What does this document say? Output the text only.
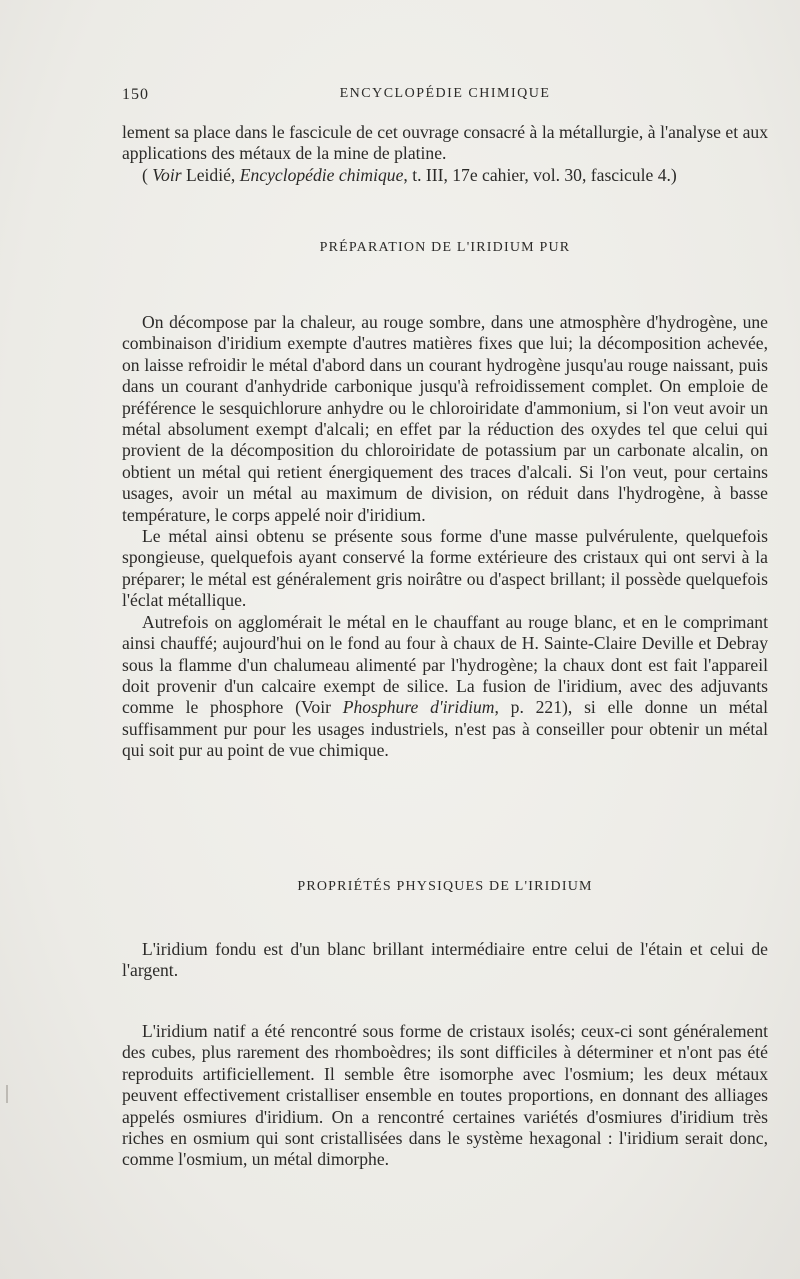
150	ENCYCLOPÉDIE CHIMIQUE

lement sa place dans le fascicule de cet ouvrage consacré à la métallurgie, à l'analyse et aux applications des métaux de la mine de platine.

( Voir Leidié, Encyclopédie chimique, t. III, 17e cahier, vol. 30, fascicule 4.)

PRÉPARATION DE L'IRIDIUM PUR

On décompose par la chaleur, au rouge sombre, dans une atmosphère d'hydrogène, une combinaison d'iridium exempte d'autres matières fixes que lui; la décomposition achevée, on laisse refroidir le métal d'abord dans un courant hydrogène jusqu'au rouge naissant, puis dans un courant d'anhydride carbonique jusqu'à refroidissement complet. On emploie de préférence le sesquichlorure anhydre ou le chloroiridate d'ammonium, si l'on veut avoir un métal absolument exempt d'alcali; en effet par la réduction des oxydes tel que celui qui provient de la décomposition du chloroiridate de potassium par un carbonate alcalin, on obtient un métal qui retient énergiquement des traces d'alcali. Si l'on veut, pour certains usages, avoir un métal au maximum de division, on réduit dans l'hydrogène, à basse température, le corps appelé noir d'iridium.

Le métal ainsi obtenu se présente sous forme d'une masse pulvérulente, quelquefois spongieuse, quelquefois ayant conservé la forme extérieure des cristaux qui ont servi à la préparer; le métal est généralement gris noirâtre ou d'aspect brillant; il possède quelquefois l'éclat métallique.

Autrefois on agglomérait le métal en le chauffant au rouge blanc, et en le comprimant ainsi chauffé; aujourd'hui on le fond au four à chaux de H. Sainte-Claire Deville et Debray sous la flamme d'un chalumeau alimenté par l'hydrogène; la chaux dont est fait l'appareil doit provenir d'un calcaire exempt de silice. La fusion de l'iridium, avec des adjuvants comme le phosphore (Voir Phosphure d'iridium, p. 221), si elle donne un métal suffisamment pur pour les usages industriels, n'est pas à conseiller pour obtenir un métal qui soit pur au point de vue chimique.

PROPRIÉTÉS PHYSIQUES DE L'IRIDIUM

L'iridium fondu est d'un blanc brillant intermédiaire entre celui de l'étain et celui de l'argent.

L'iridium natif a été rencontré sous forme de cristaux isolés; ceux-ci sont généralement des cubes, plus rarement des rhomboèdres; ils sont difficiles à déterminer et n'ont pas été reproduits artificiellement. Il semble être isomorphe avec l'osmium; les deux métaux peuvent effectivement cristalliser ensemble en toutes proportions, en donnant des alliages appelés osmiures d'iridium. On a rencontré certaines variétés d'osmiures d'iridium très riches en osmium qui sont cristallisées dans le système hexagonal : l'iridium serait donc, comme l'osmium, un métal dimorphe.
